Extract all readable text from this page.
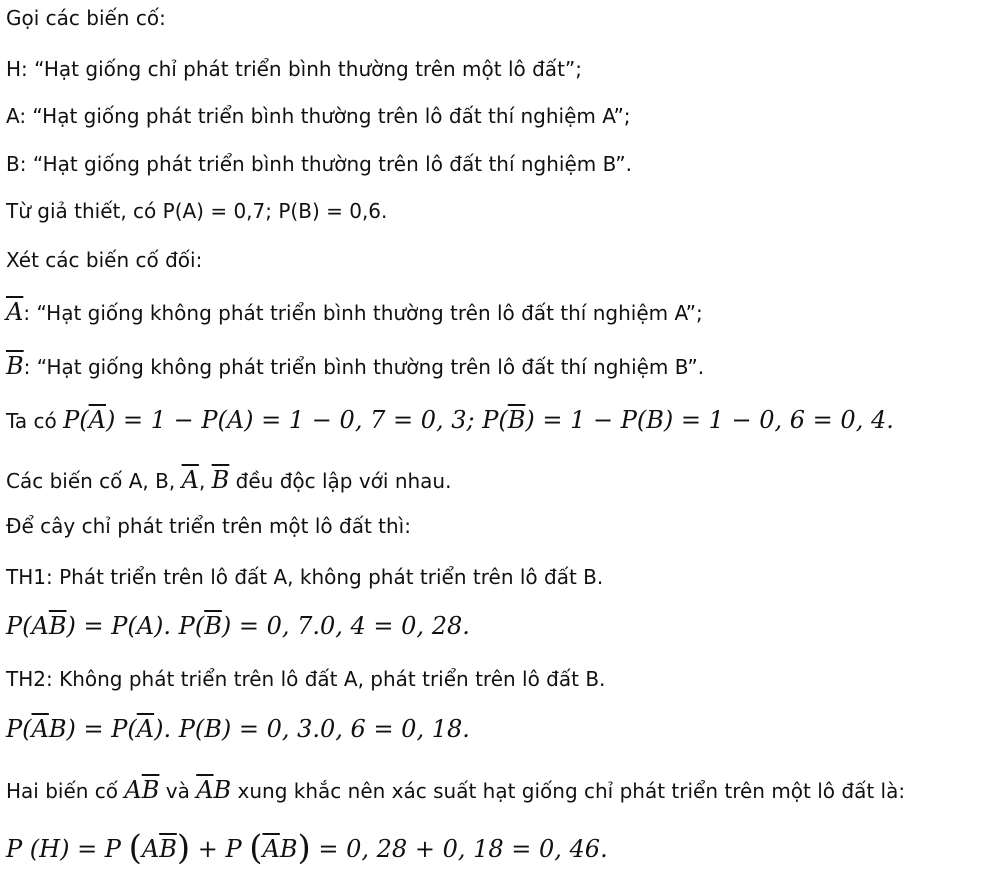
Gọi các biến cố:
H: “Hạt giống chỉ phát triển bình thường trên một lô đất”;
A: “Hạt giống phát triển bình thường trên lô đất thí nghiệm A”;
B: “Hạt giống phát triển bình thường trên lô đất thí nghiệm B”.
Từ giả thiết, có P(A) = 0,7; P(B) = 0,6.
Xét các biến cố đối:
$\overline{A}$: “Hạt giống không phát triển bình thường trên lô đất thí nghiệm A”;
$\overline{B}$: “Hạt giống không phát triển bình thường trên lô đất thí nghiệm B”.
Ta có $P(\overline{A}) = 1 - P(A) = 1 - 0$, 7 = 0, 3; $P(\overline{B}) = 1 - P(B) = 1 - 0$, 6 = 0, 4.
Các biến cố A, B, $\overline{A}$, $\overline{B}$ đều độc lập với nhau.
Để cây chỉ phát triển trên một lô đất thì:
TH1: Phát triển trên lô đất A, không phát triển trên lô đất B.
$P(A\overline{B}) = P(A)$. $P(\overline{B}) = 0$, 7.0, 4 = 0, 28.
TH2: Không phát triển trên lô đất A, phát triển trên lô đất B.
$P(\overline{A}B) = P(\overline{A})$. P(B) = 0, 3.0, 6 = 0, 18.
Hai biến cố $A\overline{B}$ và $\overline{A}B$ xung khắc nên xác suất hạt giống chỉ phát triển trên một lô đất là:
P (H) = P $(A\overline{B}) + P$ $(\overline{A}B) = 0$, 28 + 0, 18 = 0, 46.
